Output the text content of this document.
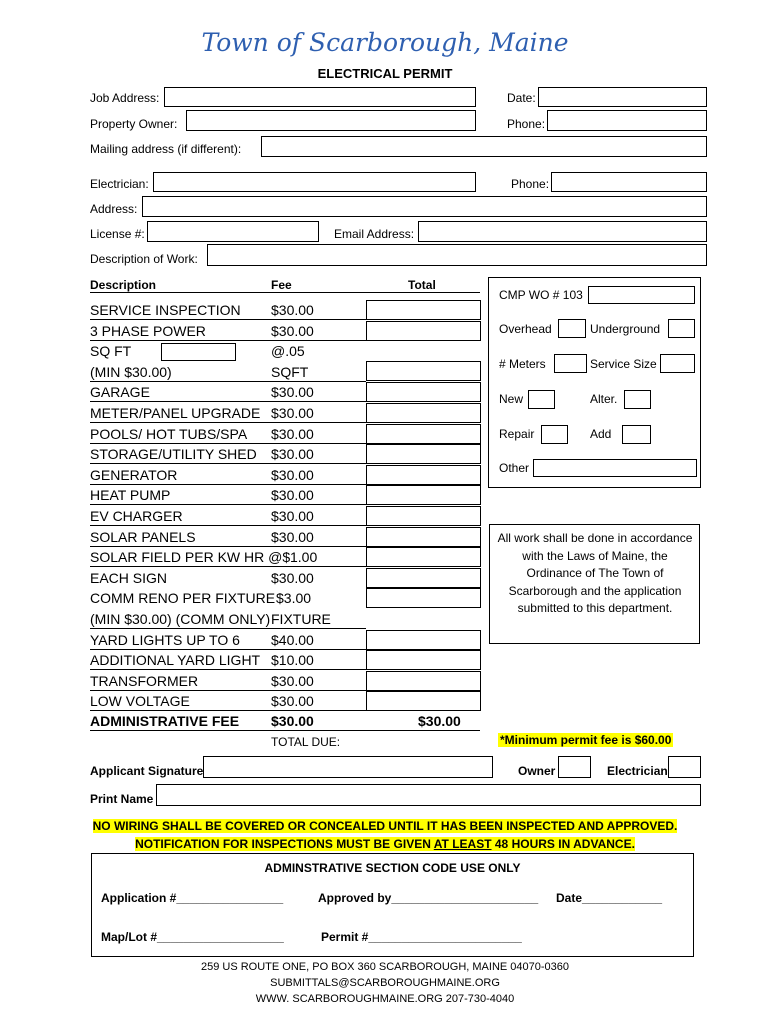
Town of Scarborough, Maine
ELECTRICAL PERMIT
Job Address:	Date:
Property Owner:	Phone:
Mailing address (if different):
Electrician:	Phone:
Address:
License #:	Email Address:
Description of Work:
Description	Fee	Total
SERVICE INSPECTION $30.00
3 PHASE POWER	$30.00
SQ FT	@.05
(MIN $30.00)	SQFT
GARAGE	$30.00
METER/PANEL UPGRADE $30.00
POOLS/ HOT TUBS/SPA $30.00
STORAGE/UTILITY SHED $30.00
GENERATOR	$30.00
HEAT PUMP	$30.00
EV CHARGER	$30.00
SOLAR PANELS	$30.00
SOLAR FIELD PER KW HR @$ 1.00
EACH SIGN	$30.00
COMM RENO PER FIXTURE $3.00
(MIN $30.00) (COMM ONLY) FIXTURE
YARD LIGHTS UP TO 6 $40.00
ADDITIONAL YARD LIGHT $10.00
TRANSFORMER	$30.00
LOW VOLTAGE	$30.00
ADMINISTRATIVE FEE $30.00	$30.00
TOTAL DUE:	*Minimum permit fee is $60.00
CMP WO # 103
Overhead	Underground
# Meters	Service Size
New	Alter.
Repair	Add
Other
All work shall be done in accordance with the Laws of Maine, the Ordinance of The Town of Scarborough and the application submitted to this department.
Applicant Signature	Owner	Electrician
Print Name
NO WIRING SHALL BE COVERED OR CONCEALED UNTIL IT HAS BEEN INSPECTED AND APPROVED.
NOTIFICATION FOR INSPECTIONS MUST BE GIVEN AT LEAST 48 HOURS IN ADVANCE.
ADMINSTRATIVE SECTION CODE USE ONLY
Application #________________	Approved by______________________ Date____________
Map/Lot #___________________	Permit #_______________________
259 US ROUTE ONE, PO BOX 360 SCARBOROUGH, MAINE 04070-0360
SUBMITTALS@SCARBOROUGHMAINE.ORG
WWW. SCARBOROUGHMAINE.ORG 207-730-4040
